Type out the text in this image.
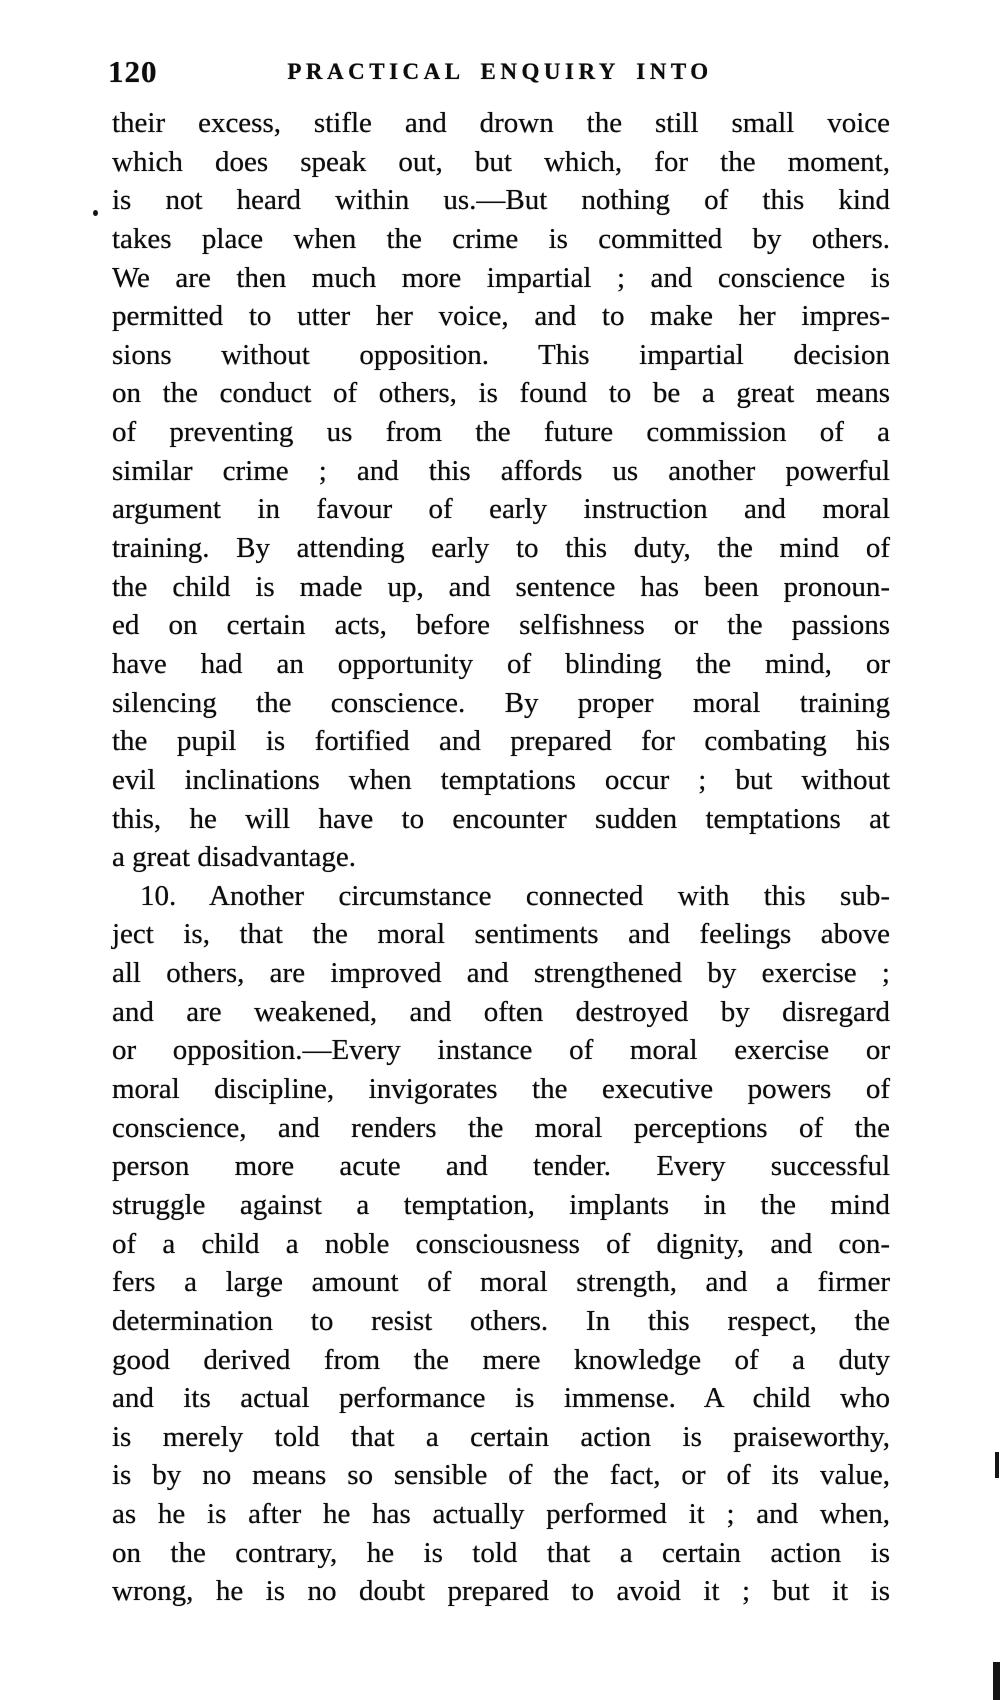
120	PRACTICAL ENQUIRY INTO
their excess, stifle and drown the still small voice
which does speak out, but which, for the moment,
is not heard within us.—But nothing of this kind
takes place when the crime is committed by others.
We are then much more impartial ; and conscience is
permitted to utter her voice, and to make her impres-
sions without opposition. This impartial decision
on the conduct of others, is found to be a great means
of preventing us from the future commission of a
similar crime ; and this affords us another powerful
argument in favour of early instruction and moral
training. By attending early to this duty, the mind of
the child is made up, and sentence has been pronoun-
ed on certain acts, before selfishness or the passions
have had an opportunity of blinding the mind, or
silencing the conscience. By proper moral training
the pupil is fortified and prepared for combating his
evil inclinations when temptations occur ; but without
this, he will have to encounter sudden temptations at
a great disadvantage.
10. Another circumstance connected with this sub-
ject is, that the moral sentiments and feelings above
all others, are improved and strengthened by exercise ;
and are weakened, and often destroyed by disregard
or opposition.—Every instance of moral exercise or
moral discipline, invigorates the executive powers of
conscience, and renders the moral perceptions of the
person more acute and tender. Every successful
struggle against a temptation, implants in the mind
of a child a noble consciousness of dignity, and con-
fers a large amount of moral strength, and a firmer
determination to resist others. In this respect, the
good derived from the mere knowledge of a duty
and its actual performance is immense. A child who
is merely told that a certain action is praiseworthy,
is by no means so sensible of the fact, or of its value,
as he is after he has actually performed it ; and when,
on the contrary, he is told that a certain action is
wrong, he is no doubt prepared to avoid it ; but it is
